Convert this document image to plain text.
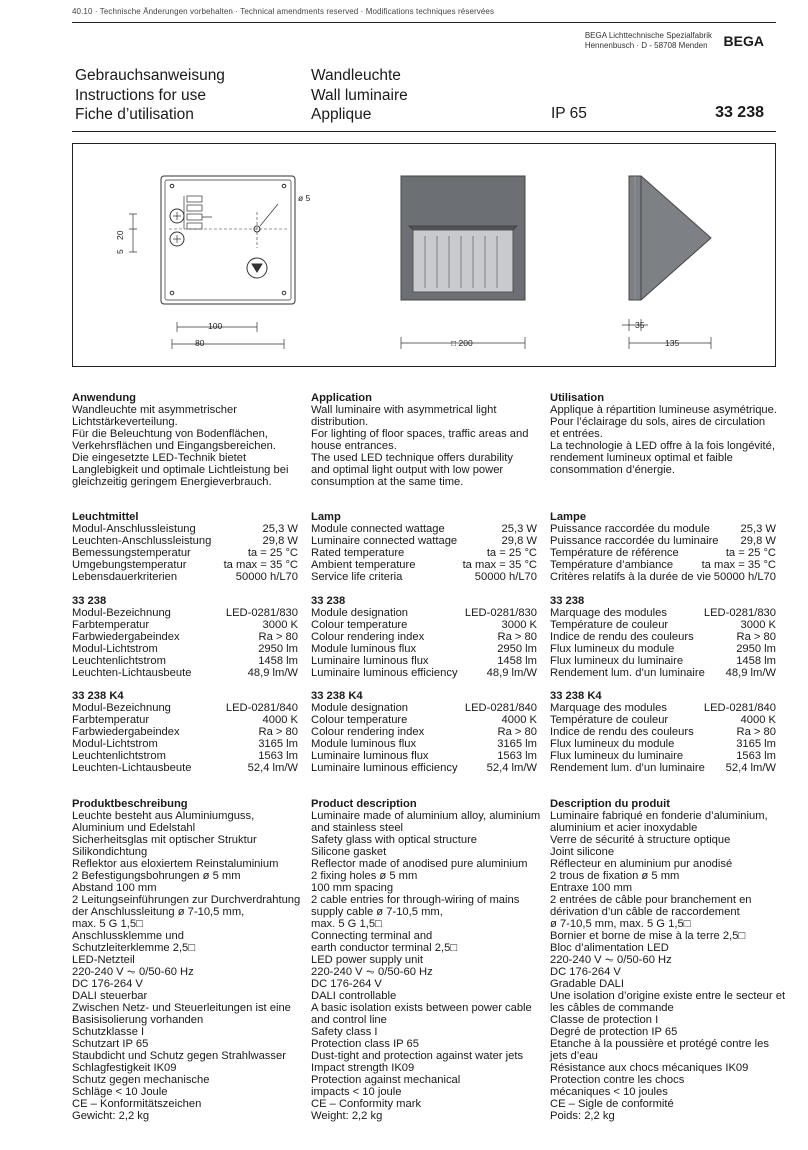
40.10 · Technische Änderungen vorbehalten · Technical amendments reserved · Modifications techniques réservées
BEGA Lichttechnische Spezialfabrik
Hennenbusch · D - 58708 Menden	BEGA
Gebrauchsanweisung
Instructions for use
Fiche d’utilisation
Wandleuchte
Wall luminaire
Applique	IP 65	33 238
ø 5
5
20
100
80	□ 200
35
135
Anwendung
Wandleuchte mit asymmetrischer
Lichtstärkeverteilung.
Für die Beleuchtung von Bodenflächen,
Verkehrsflächen und Eingangsbereichen.
Die eingesetzte LED-Technik bietet
Langlebigkeit und optimale Lichtleistung bei
gleichzeitig geringem Energieverbrauch.
Leuchtmittel
Modul-Anschlussleistung	25,3 W
Leuchten-Anschlussleistung	29,8 W
Bemessungstemperatur	ta = 25 °C
Umgebungstemperatur	ta max = 35 °C
Lebensdauerkriterien	50000 h/L70
33 238
Modul-Bezeichnung	LED-0281/830
Farbtemperatur	3000 K
Farbwiedergabeindex	Ra > 80
Modul-Lichtstrom	2950 lm
Leuchtenlichtstrom	1458 lm
Leuchten-Lichtausbeute	48,9 lm/W
33 238 K4
Modul-Bezeichnung	LED-0281/840
Farbtemperatur	4000 K
Farbwiedergabeindex	Ra > 80
Modul-Lichtstrom	3165 lm
Leuchtenlichtstrom	1563 lm
Leuchten-Lichtausbeute	52,4 lm/W
Produktbeschreibung
Leuchte besteht aus Aluminiumguss,
Aluminium und Edelstahl
Sicherheitsglas mit optischer Struktur
Silikondichtung
Reflektor aus eloxiertem Reinstaluminium
2 Befestigungsbohrungen ø 5 mm
Abstand 100 mm
2 Leitungseinführungen zur Durchverdrahtung
der Anschlussleitung ø 7-10,5 mm,
max. 5 G 1,5□
Anschlussklemme und
Schutzleiterklemme 2,5□
LED-Netzteil
220-240 V ⏦ 0/50-60 Hz
DC 176-264 V
DALI steuerbar
Zwischen Netz- und Steuerleitungen ist eine
Basisisolierung vorhanden
Schutzklasse I
Schutzart IP 65
Staubdicht und Schutz gegen Strahlwasser
Schlagfestigkeit IK09
Schutz gegen mechanische
Schläge < 10 Joule
CE – Konformitätszeichen
Gewicht: 2,2 kg
Application
Wall luminaire with asymmetrical light
distribution.
For lighting of floor spaces, traffic areas and
house entrances.
The used LED technique offers durability
and optimal light output with low power
consumption at the same time.
Lamp
Module connected wattage	25,3 W
Luminaire connected wattage	29,8 W
Rated temperature	ta = 25 °C
Ambient temperature	ta max = 35 °C
Service life criteria	50000 h/L70
33 238
Module designation	LED-0281/830
Colour temperature	3000 K
Colour rendering index	Ra > 80
Module luminous flux	2950 lm
Luminaire luminous flux	1458 lm
Luminaire luminous efficiency	48,9 lm/W
33 238 K4
Module designation	LED-0281/840
Colour temperature	4000 K
Colour rendering index	Ra > 80
Module luminous flux	3165 lm
Luminaire luminous flux	1563 lm
Luminaire luminous efficiency	52,4 lm/W
Product description
Luminaire made of aluminium alloy, aluminium
and stainless steel
Safety glass with optical structure
Silicone gasket
Reflector made of anodised pure aluminium
2 fixing holes ø 5 mm
100 mm spacing
2 cable entries for through-wiring of mains
supply cable ø 7-10,5 mm,
max. 5 G 1,5□
Connecting terminal and
earth conductor terminal 2,5□
LED power supply unit
220-240 V ⏦ 0/50-60 Hz
DC 176-264 V
DALI controllable
A basic isolation exists between power cable
and control line
Safety class I
Protection class IP 65
Dust-tight and protection against water jets
Impact strength IK09
Protection against mechanical
impacts < 10 joule
CE – Conformity mark
Weight: 2,2 kg
Utilisation
Applique à répartition lumineuse asymétrique.
Pour l’éclairage du sols, aires de circulation
et entrées.
La technologie à LED offre à la fois longévité,
rendement lumineux optimal et faible
consommation d’énergie.
Lampe
Puissance raccordée du module	25,3 W
Puissance raccordée du luminaire 29,8 W
Température de référence	ta = 25 °C
Température d’ambiance	ta max = 35 °C
Critères relatifs à la durée de vie 50000 h/L70
33 238
Marquage des modules	LED-0281/830
Température de couleur	3000 K
Indice de rendu des couleurs	Ra > 80
Flux lumineux du module	2950 lm
Flux lumineux du luminaire	1458 lm
Rendement lum. d’un luminaire 48,9 lm/W
33 238 K4
Marquage des modules	LED-0281/840
Température de couleur	4000 K
Indice de rendu des couleurs	Ra > 80
Flux lumineux du module	3165 lm
Flux lumineux du luminaire	1563 lm
Rendement lum. d’un luminaire 52,4 lm/W
Description du produit
Luminaire fabriqué en fonderie d’aluminium,
aluminium et acier inoxydable
Verre de sécurité à structure optique
Joint silicone
Réflecteur en aluminium pur anodisé
2 trous de fixation ø 5 mm
Entraxe 100 mm
2 entrées de câble pour branchement en
dérivation d’un câble de raccordement
ø 7-10,5 mm, max. 5 G 1,5□
Bornier et borne de mise à la terre 2,5□
Bloc d’alimentation LED
220-240 V ⏦ 0/50-60 Hz
DC 176-264 V
Gradable DALI
Une isolation d’origine existe entre le secteur et
les câbles de commande
Classe de protection I
Degré de protection IP 65
Etanche à la poussière et protégé contre les
jets d’eau
Résistance aux chocs mécaniques IK09
Protection contre les chocs
mécaniques < 10 joules
CE – Sigle de conformité
Poids: 2,2 kg
